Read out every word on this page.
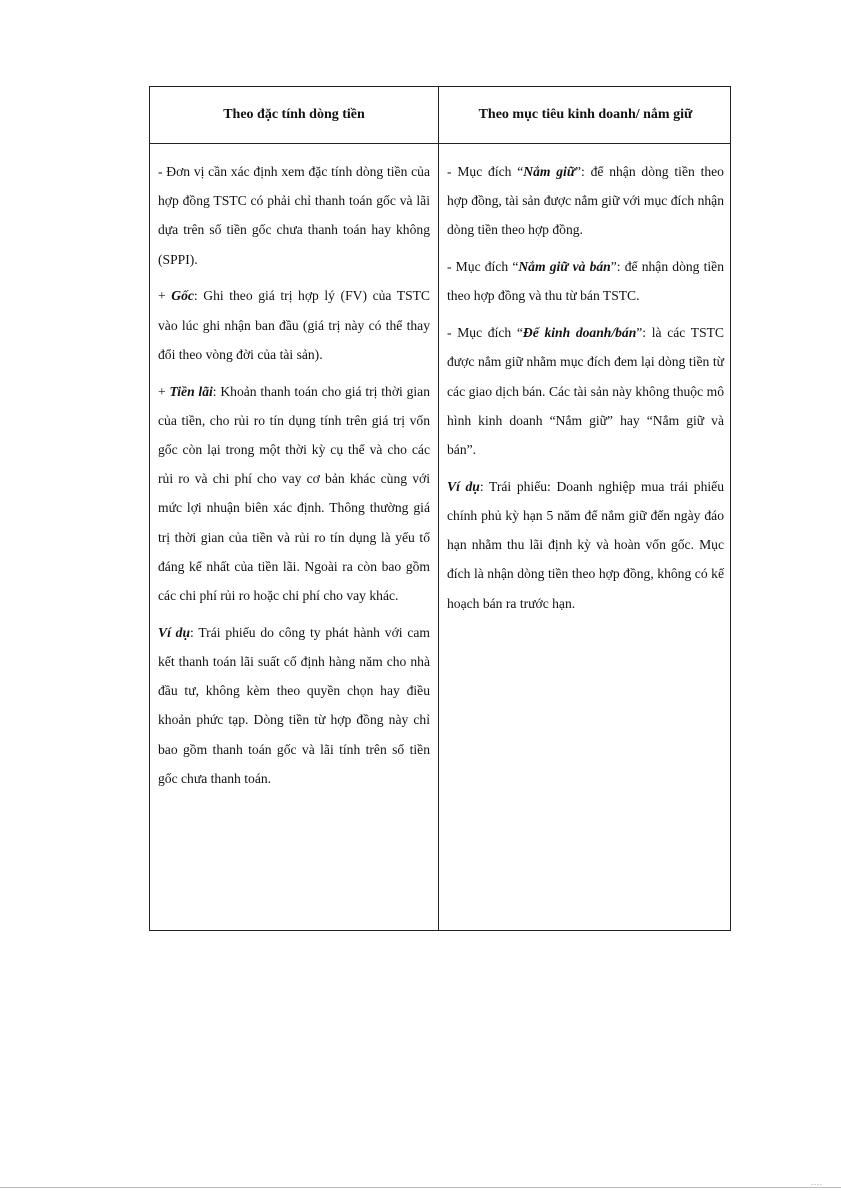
Theo đặc tính dòng tiền	Theo mục tiêu kinh doanh/ nắm giữ

- Đơn vị cần xác định xem đặc tính dòng tiền của hợp đồng TSTC có phải chỉ thanh toán gốc và lãi dựa trên số tiền gốc chưa thanh toán hay không (SPPI).

+ Gốc: Ghi theo giá trị hợp lý (FV) của TSTC vào lúc ghi nhận ban đầu (giá trị này có thể thay đổi theo vòng đời của tài sản).

+ Tiền lãi: Khoản thanh toán cho giá trị thời gian của tiền, cho rủi ro tín dụng tính trên giá trị vốn gốc còn lại trong một thời kỳ cụ thể và cho các rủi ro và chi phí cho vay cơ bản khác cùng với mức lợi nhuận biên xác định. Thông thường giá trị thời gian của tiền và rủi ro tín dụng là yếu tố đáng kể nhất của tiền lãi. Ngoài ra còn bao gồm các chi phí rủi ro hoặc chi phí cho vay khác.

Ví dụ: Trái phiếu do công ty phát hành với cam kết thanh toán lãi suất cố định hàng năm cho nhà đầu tư, không kèm theo quyền chọn hay điều khoản phức tạp. Dòng tiền từ hợp đồng này chỉ bao gồm thanh toán gốc và lãi tính trên số tiền gốc chưa thanh toán.

- Mục đích “Nắm giữ”: để nhận dòng tiền theo hợp đồng, tài sản được nắm giữ với mục đích nhận dòng tiền theo hợp đồng.

- Mục đích “Nắm giữ và bán”: để nhận dòng tiền theo hợp đồng và thu từ bán TSTC.

- Mục đích “Để kinh doanh/bán”: là các TSTC được nắm giữ nhằm mục đích đem lại dòng tiền từ các giao dịch bán. Các tài sản này không thuộc mô hình kinh doanh “Nắm giữ” hay “Nắm giữ và bán”.

Ví dụ: Trái phiếu: Doanh nghiệp mua trái phiếu chính phủ kỳ hạn 5 năm để nắm giữ đến ngày đáo hạn nhằm thu lãi định kỳ và hoàn vốn gốc. Mục đích là nhận dòng tiền theo hợp đồng, không có kế hoạch bán ra trước hạn.

....
